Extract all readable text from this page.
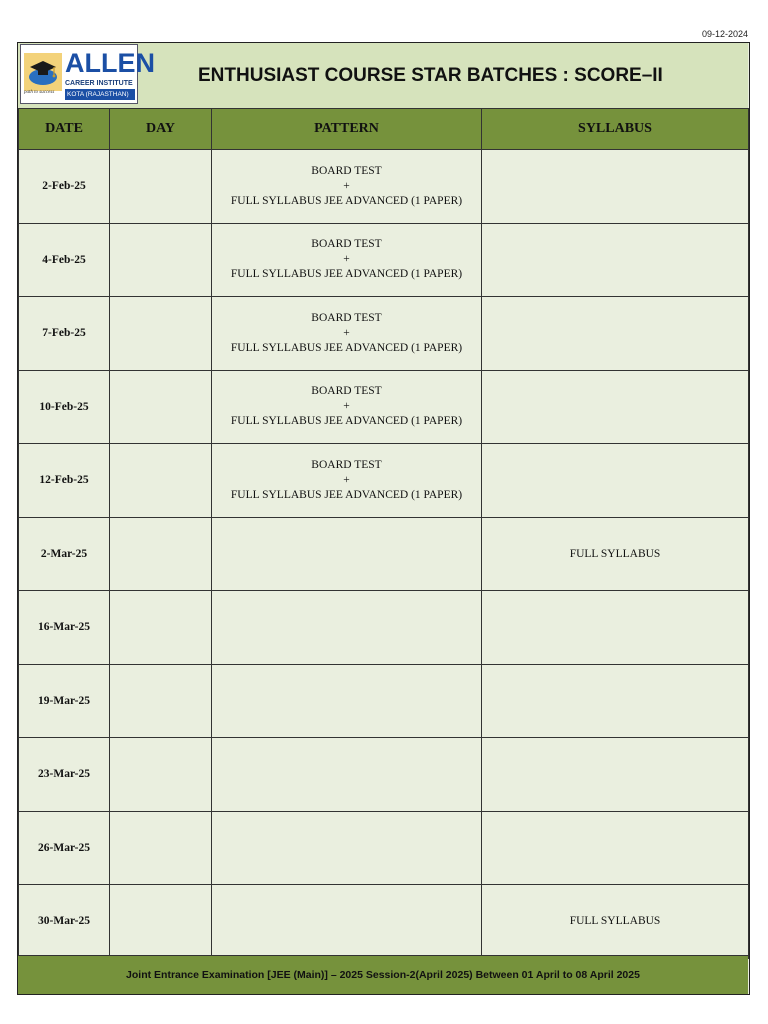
09-12-2024
ALLEN
CAREER INSTITUTE
KOTA (RAJASTHAN)
path to success
ENTHUSIAST COURSE STAR BATCHES : SCORE–II
DATE	DAY	PATTERN	SYLLABUS
2-Feb-25		BOARD TEST
+
FULL SYLLABUS JEE ADVANCED (1 PAPER)	

4-Feb-25		BOARD TEST
+
FULL SYLLABUS JEE ADVANCED (1 PAPER)	

7-Feb-25		BOARD TEST
+
FULL SYLLABUS JEE ADVANCED (1 PAPER)	

10-Feb-25		BOARD TEST
+
FULL SYLLABUS JEE ADVANCED (1 PAPER)	

12-Feb-25		BOARD TEST
+
FULL SYLLABUS JEE ADVANCED (1 PAPER)	

2-Mar-25			FULL SYLLABUS
16-Mar-25			
19-Mar-25			
23-Mar-25			
26-Mar-25			
30-Mar-25			FULL SYLLABUS
Joint Entrance Examination [JEE (Main)] – 2025 Session-2(April 2025) Between 01 April to 08 April 2025
